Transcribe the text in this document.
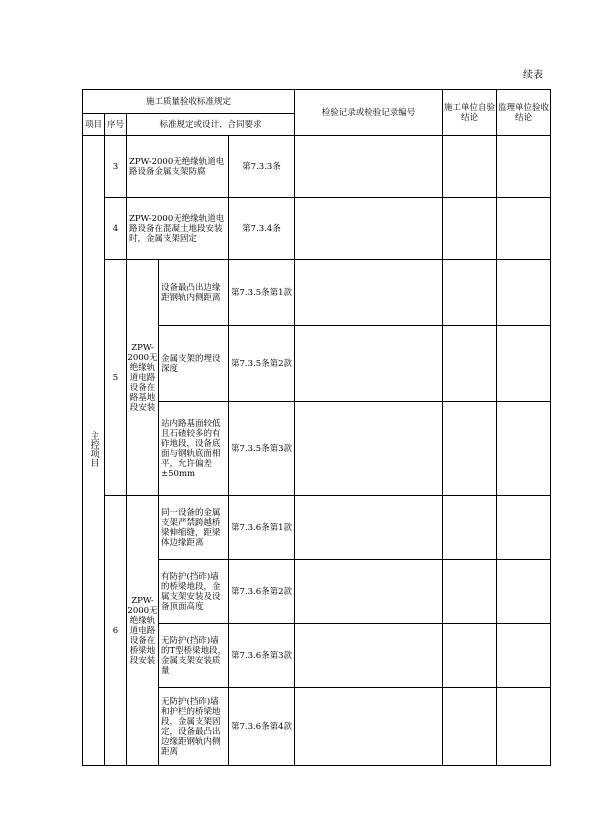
续表
施工质量验收标准规定					检验记录或检验记录编号	施工单位自验结论	监理单位验收结论
项目	序号	标准规定或设计、合同要求					
主控项目	3	ZPW-2000无绝缘轨道电路设备金属支架防腐		第7.3.3条			
	4	ZPW-2000无绝缘轨道电路设备在混凝土地段安装时，金属支架固定		第7.3.4条			
	5	ZPW-2000无绝缘轨道电路设备在路基地段安装	设备最凸出边缘距钢轨内侧距离	第7.3.5条第1款			
			金属支架的埋设深度	第7.3.5条第2款			
			站内路基面较低且石碴较多的有砟地段，设备底面与钢轨底面相平，允许偏差±50mm	第7.3.5条第3款			
	6	ZPW-2000无绝缘轨道电路设备在桥梁地段安装	同一设备的金属支架严禁跨越桥梁伸缩缝，距梁体边缘距离	第7.3.6条第1款			
			有防护(挡砟)墙的桥梁地段，金属支架安装及设备顶面高度	第7.3.6条第2款			
			无防护(挡砟)墙的T型桥梁地段，金属支架安装质量	第7.3.6条第3款			
			无防护(挡砟)墙和护栏的桥梁地段，金属支架固定，设备最凸出边缘距钢轨内侧距离	第7.3.6条第4款			
